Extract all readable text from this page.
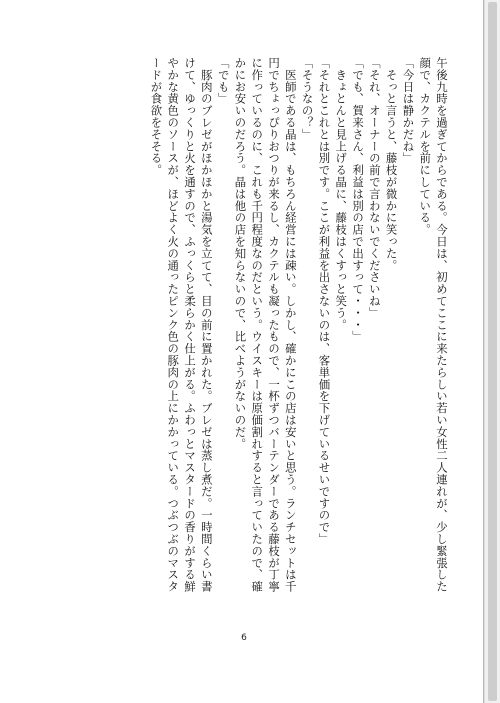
午後九時を過ぎてからである。今日は、初めてここに来たらしい若い女性二人連れが、少し緊張した
顔で、カクテルを前にしている。
「今日は静かだね」
　そっと言うと、藤枝が微かに笑った。
「それ、オーナーの前で言わないでくださいね」
「でも、賀来さん、利益は別の店で出すって・・・」
　きょとんと見上げる晶に、藤枝はくすっと笑う。
「それとこれとは別です。ここが利益を出さないのは、客単価を下げているせいですので」
「そうなの？」
　医師である晶は、もちろん経営には疎い。しかし、確かにこの店は安いと思う。ランチセットは千
円でちょっぴりおつりが来るし、カクテルも凝ったもので、一杯ずつバーテンダーである藤枝が丁寧
に作っているのに、これも千円程度なのだという。ウイスキーは原価割れすると言っていたので、確
かにお安いのだろう。晶は他の店を知らないので、比べようがないのだ。
「でも」
　豚肉のブレゼがほかほかと湯気を立てて、目の前に置かれた。ブレゼは蒸し煮だ。一時間くらい書
けて、ゆっくりと火を通すので、ふっくらと柔らかく仕上がる。ふわっとマスタードの香りがする鮮
やかな黄色のソースが、ほどよく火の通ったピンク色の豚肉の上にかかっている。つぶつぶのマスタ
ードが食欲をそそる。
6
